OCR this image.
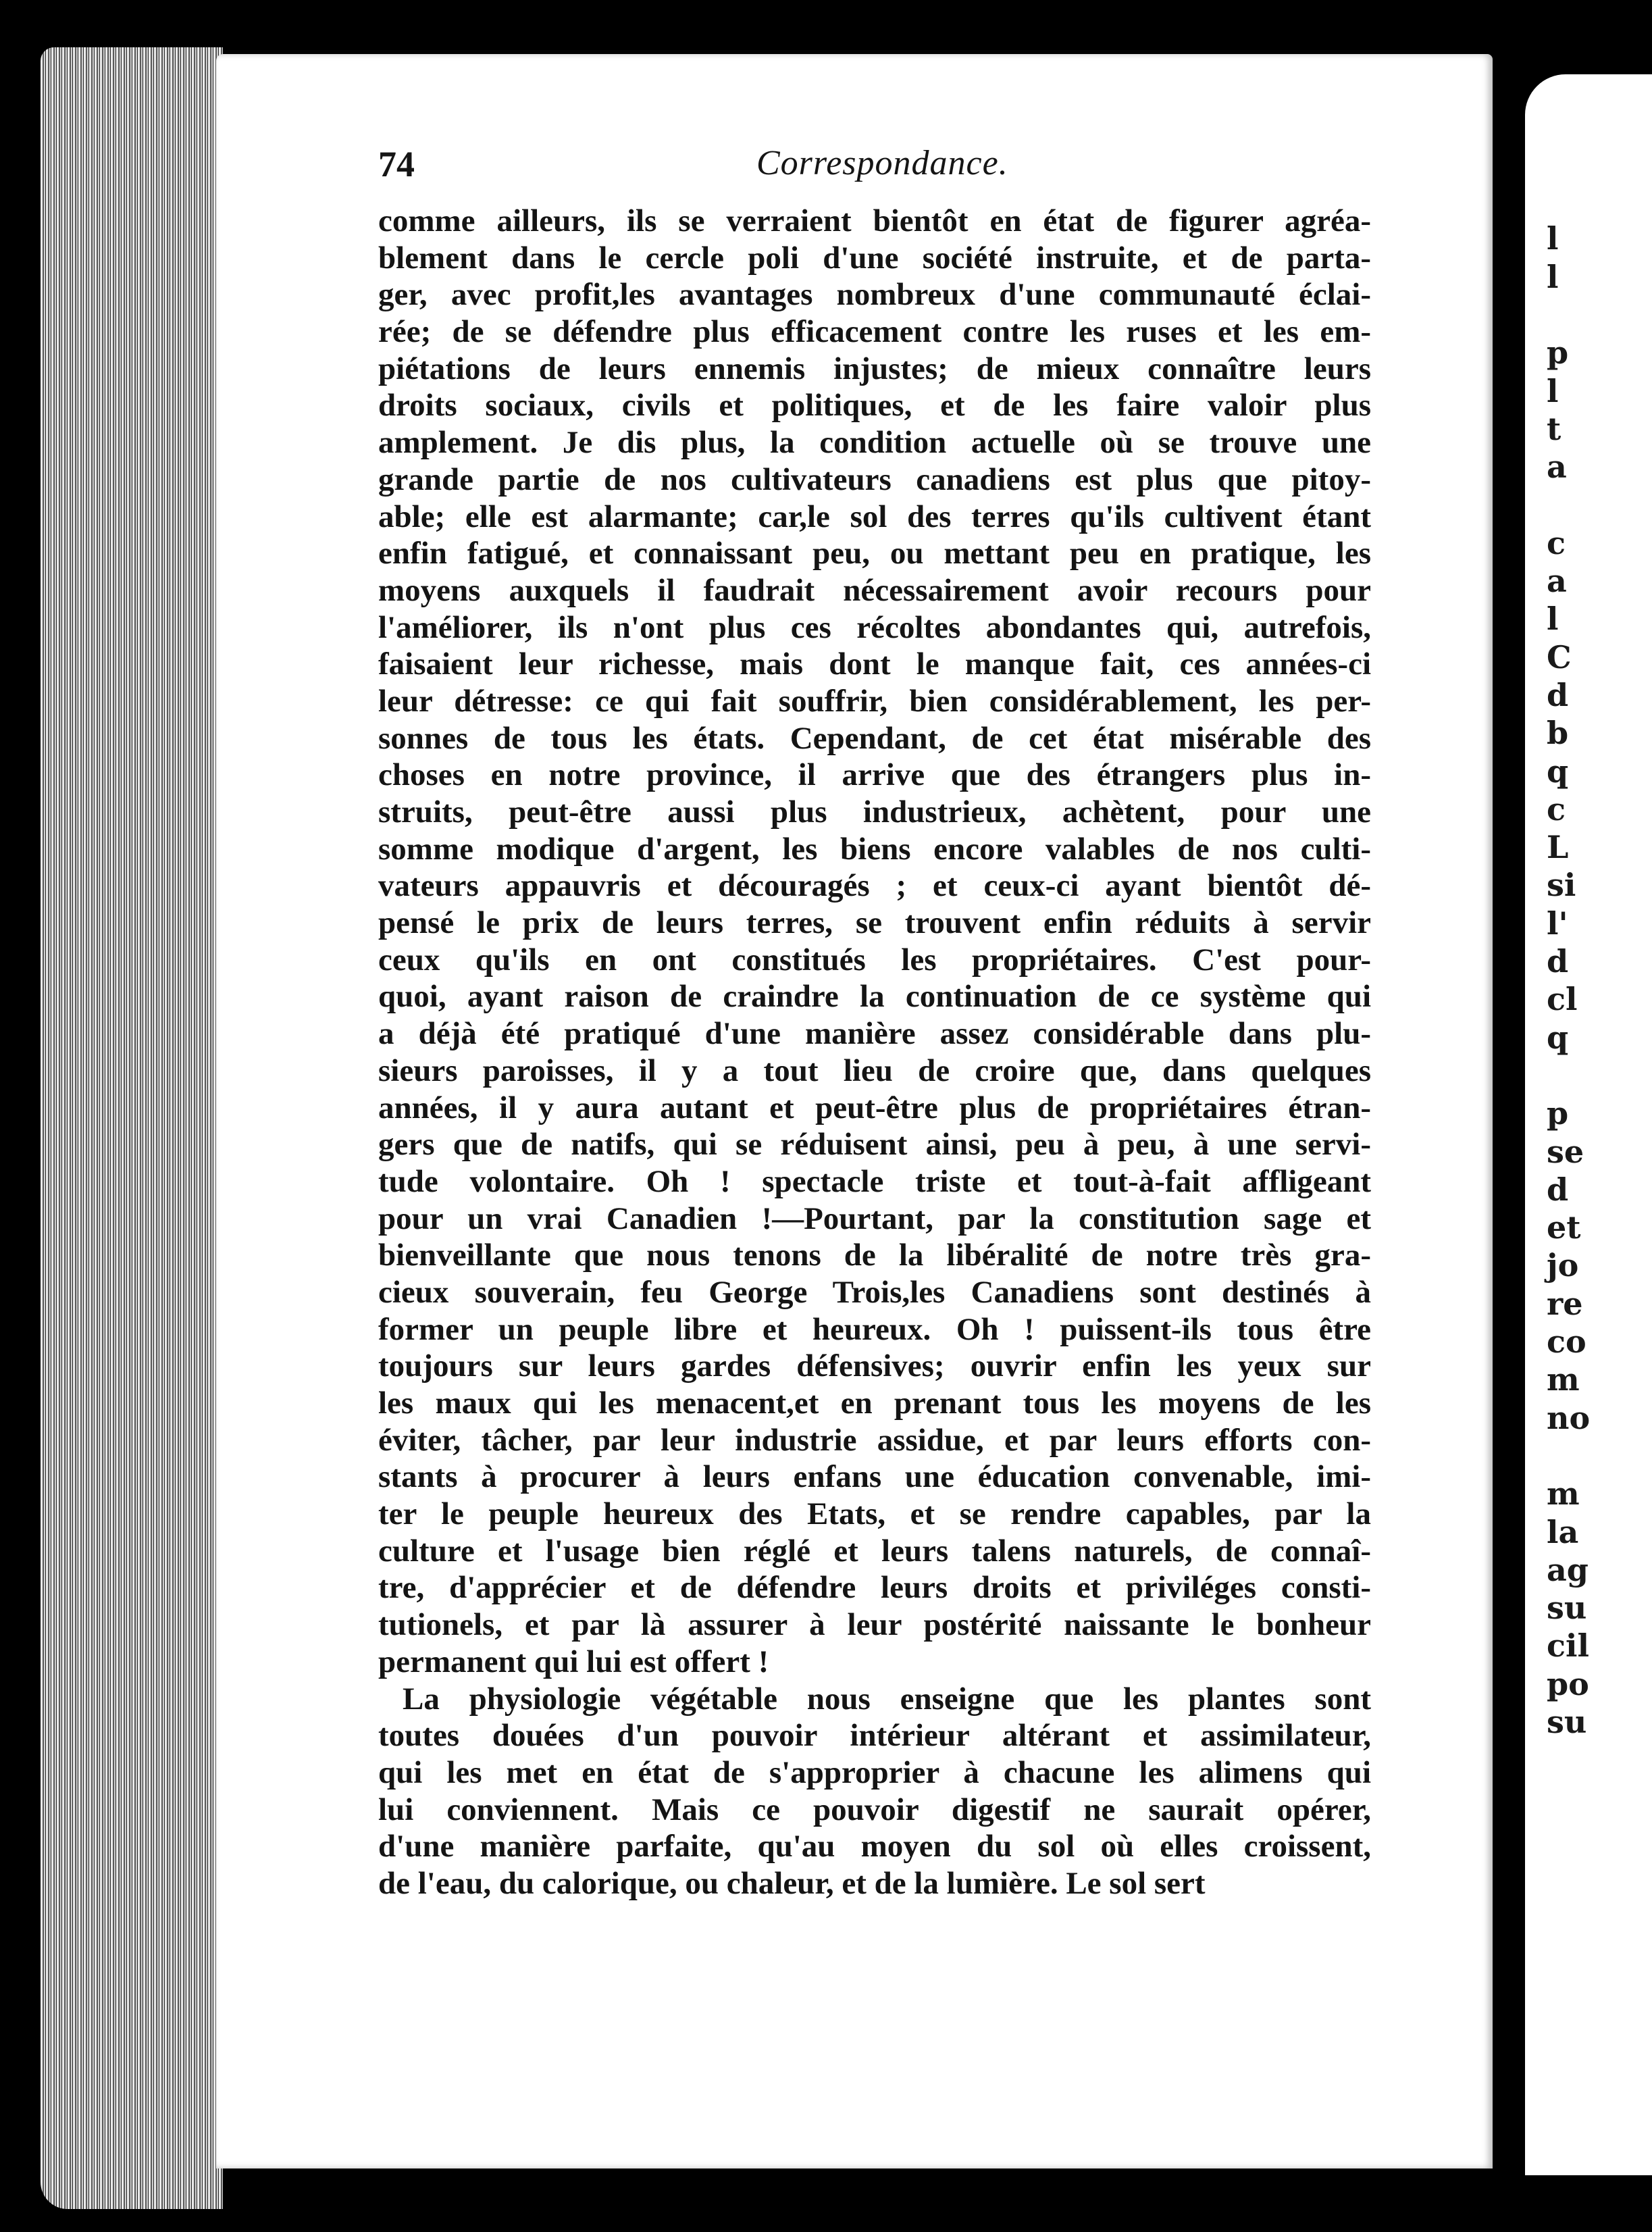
l
l
p
l
t
a
c
a
l
C
d
b
q
c
L
si
l'
d
cl
q
p
se
d
et
jo
re
co
m
no
m
la
ag
su
cil
po
su
74	Correspondance.
comme ailleurs, ils se verraient bientôt en état de figurer agréa-
blement dans le cercle poli d'une société instruite, et de parta-
ger, avec profit,les avantages nombreux d'une communauté éclai-
rée; de se défendre plus efficacement contre les ruses et les em-
piétations de leurs ennemis injustes; de mieux connaître leurs
droits sociaux, civils et politiques, et de les faire valoir plus
amplement. Je dis plus, la condition actuelle où se trouve une
grande partie de nos cultivateurs canadiens est plus que pitoy-
able; elle est alarmante; car,le sol des terres qu'ils cultivent étant
enfin fatigué, et connaissant peu, ou mettant peu en pratique, les
moyens auxquels il faudrait nécessairement avoir recours pour
l'améliorer, ils n'ont plus ces récoltes abondantes qui, autrefois,
faisaient leur richesse, mais dont le manque fait, ces années-ci
leur détresse: ce qui fait souffrir, bien considérablement, les per-
sonnes de tous les états. Cependant, de cet état misérable des
choses en notre province, il arrive que des étrangers plus in-
struits, peut-être aussi plus industrieux, achètent, pour une
somme modique d'argent, les biens encore valables de nos culti-
vateurs appauvris et découragés ; et ceux-ci ayant bientôt dé-
pensé le prix de leurs terres, se trouvent enfin réduits à servir
ceux qu'ils en ont constitués les propriétaires. C'est pour-
quoi, ayant raison de craindre la continuation de ce système qui
a déjà été pratiqué d'une manière assez considérable dans plu-
sieurs paroisses, il y a tout lieu de croire que, dans quelques
années, il y aura autant et peut-être plus de propriétaires étran-
gers que de natifs, qui se réduisent ainsi, peu à peu, à une servi-
tude volontaire. Oh ! spectacle triste et tout-à-fait affligeant
pour un vrai Canadien !—Pourtant, par la constitution sage et
bienveillante que nous tenons de la libéralité de notre très gra-
cieux souverain, feu George Trois,les Canadiens sont destinés à
former un peuple libre et heureux. Oh ! puissent-ils tous être
toujours sur leurs gardes défensives; ouvrir enfin les yeux sur
les maux qui les menacent,et en prenant tous les moyens de les
éviter, tâcher, par leur industrie assidue, et par leurs efforts con-
stants à procurer à leurs enfans une éducation convenable, imi-
ter le peuple heureux des Etats, et se rendre capables, par la
culture et l'usage bien réglé et leurs talens naturels, de connaî-
tre, d'apprécier et de défendre leurs droits et priviléges consti-
tutionels, et par là assurer à leur postérité naissante le bonheur
permanent qui lui est offert !
La physiologie végétable nous enseigne que les plantes sont
toutes douées d'un pouvoir intérieur altérant et assimilateur,
qui les met en état de s'approprier à chacune les alimens qui
lui conviennent. Mais ce pouvoir digestif ne saurait opérer,
d'une manière parfaite, qu'au moyen du sol où elles croissent,
de l'eau, du calorique, ou chaleur, et de la lumière. Le sol sert
